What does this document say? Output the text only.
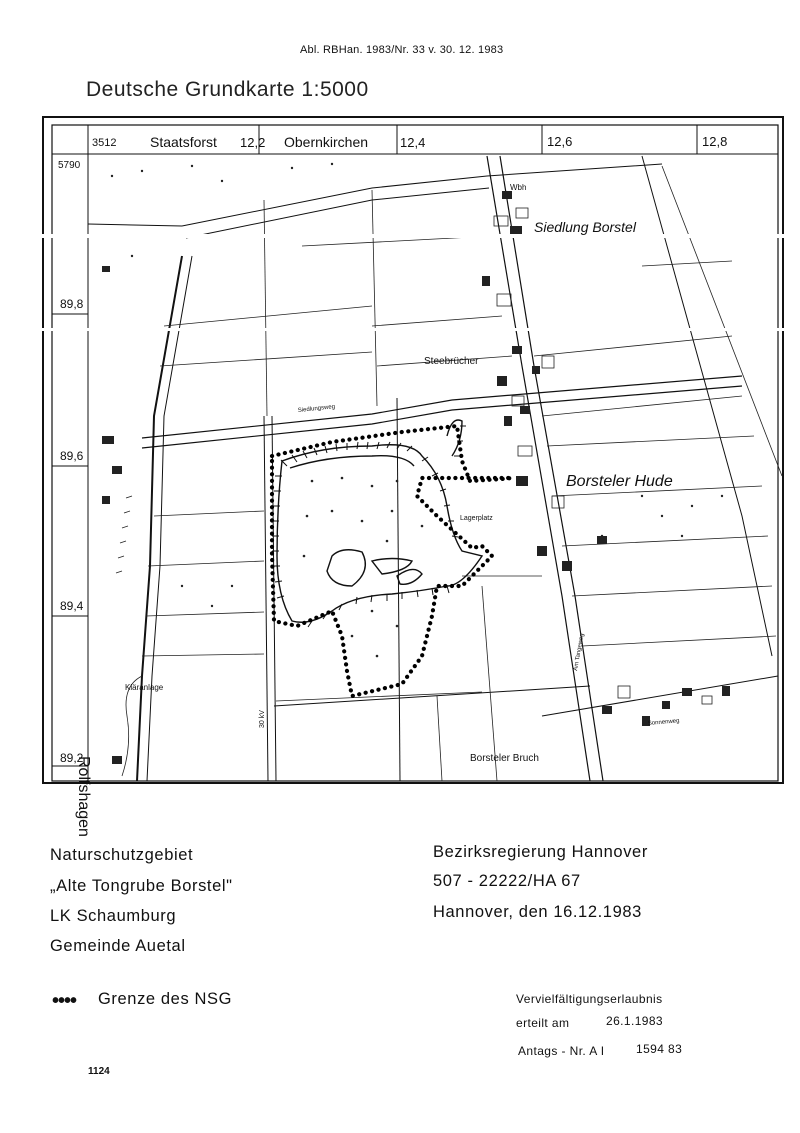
Abl. RBHan. 1983/Nr. 33 v. 30. 12. 1983
Deutsche Grundkarte 1:5000
3512 Staatsforst 12,2 Obernkirchen 12,4	12,6	12,8
5790
89,8
89,6
89,4
89,2
Wbh
Siedlung Borstel
Steebrücher
Siedlungsweg
Borsteler Hude
Lagerplatz
Kläranlage
Borsteler Bruch
30 kV	Sonnenweg
Am Tangeweg
Rolfshagen
Naturschutzgebiet
„Alte Tongrube Borstel"
LK Schaumburg
Gemeinde Auetal
Bezirksregierung Hannover
507 - 22222/HA 67
Hannover, den 16.12.1983
•••• Grenze des NSG	Vervielfältigungserlaubnis
erteilt am	26.1.1983
Antags - Nr. A I	1594 83
1124
